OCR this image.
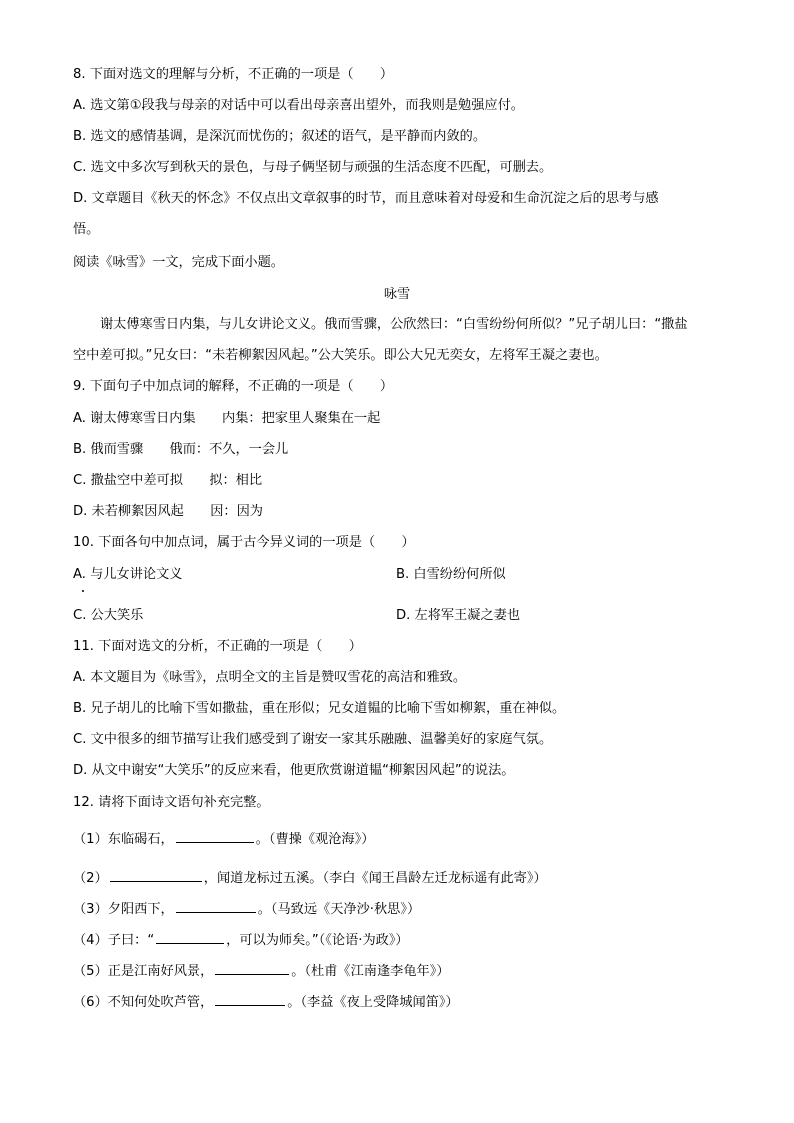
8. 下面对选文的理解与分析，不正确的一项是（　　）
A. 选文第①段我与母亲的对话中可以看出母亲喜出望外，而我则是勉强应付。
B. 选文的感情基调，是深沉而忧伤的；叙述的语气，是平静而内敛的。
C. 选文中多次写到秋天的景色，与母子俩坚韧与顽强的生活态度不匹配，可删去。
D. 文章题目《秋天的怀念》不仅点出文章叙事的时节，而且意味着对母爱和生命沉淀之后的思考与感
悟。
阅读《咏雪》一文，完成下面小题。
咏雪
谢太傅寒雪日内集，与儿女讲论文义。俄而雪骤，公欣然曰：“白雪纷纷何所似？”兄子胡儿曰：“撒盐
空中差可拟。”兄女曰：“未若柳絮因风起。”公大笑乐。即公大兄无奕女，左将军王凝之妻也。
9. 下面句子中加点词的解释，不正确的一项是（　　）
A. 谢太傅寒雪日内集　　内集：把家里人聚集在一起
B. 俄而雪骤　　俄而：不久，一会儿
C. 撒盐空中差可拟　　拟：相比
D. 未若柳絮因风起　　因：因为
10. 下面各句中加点词，属于古今异义词的一项是（　　）
A. 与儿女讲论文义	B. 白雪纷纷何所似
C. 公大笑乐	D. 左将军王凝之妻也
11. 下面对选文的分析，不正确的一项是（　　）
A. 本文题目为《咏雪》，点明全文的主旨是赞叹雪花的高洁和雅致。
B. 兄子胡儿的比喻下雪如撒盐，重在形似；兄女道韫的比喻下雪如柳絮，重在神似。
C. 文中很多的细节描写让我们感受到了谢安一家其乐融融、温馨美好的家庭气氛。
D. 从文中谢安“大笑乐”的反应来看，他更欣赏谢道韫“柳絮因风起”的说法。
12. 请将下面诗文语句补充完整。
（1）东临碣石，	。（曹操《观沧海》）
（2）	，闻道龙标过五溪。（李白《闻王昌龄左迁龙标遥有此寄》）
（3）夕阳西下，	。（马致远《天净沙·秋思》）
（4）子曰：“	，可以为师矣。”（《论语·为政》）
（5）正是江南好风景，	。（杜甫《江南逢李龟年》）
（6）不知何处吹芦管，	。（李益《夜上受降城闻笛》）
